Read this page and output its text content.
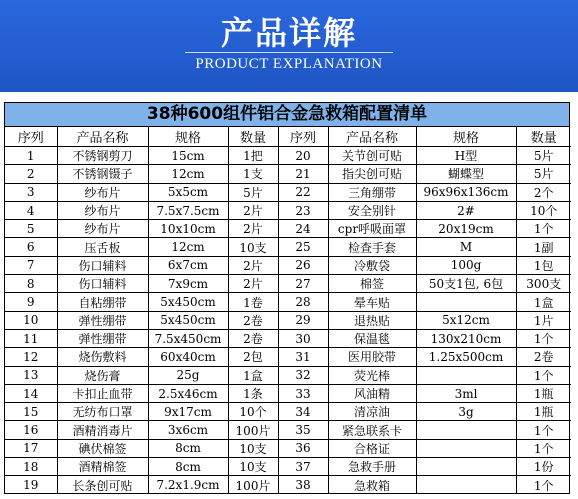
产品详解
PRODUCT EXPLANATION
38种600组件铝合金急救箱配置清单
序列	产品名称	规格	数量	序列	产品名称	规格	数量
1	不锈钢剪刀	15cm	1把	20	关节创可贴	H型	5片
2	不锈钢镊子	12cm	1支	21	指尖创可贴	蝴蝶型	5片
3	纱布片	5x5cm	5片	22	三角绷带	96x96x136cm	2个
4	纱布片	7.5x7.5cm	2片	23	安全别针	2#	10个
5	纱布片	10x10cm	2片	24	cpr呼吸面罩	20x19cm	1个
6	压舌板	12cm	10支	25	检查手套	M	1副
7	伤口辅料	6x7cm	2片	26	冷敷袋	100g	1包
8	伤口辅料	7x9cm	2片	27	棉签	50支1包, 6包	300支
9	自粘绷带	5x450cm	1卷	28	晕车贴		1盒
10	弹性绷带	5x450cm	2卷	29	退热贴	5x12cm	1片
11	弹性绷带	7.5x450cm	2卷	30	保温毯	130x210cm	1个
12	烧伤敷料	60x40cm	2包	31	医用胶带	1.25x500cm	2卷
13	烧伤膏	25g	1盒	32	荧光棒		1个
14	卡扣止血带	2.5x46cm	1条	33	风油精	3ml	1瓶
15	无纺布口罩	9x17cm	10个	34	清凉油	3g	1瓶
16	酒精消毒片	3x6cm	100片	35	紧急联系卡		1个
17	碘伏棉签	8cm	10支	36	合格证		1个
18	酒精棉签	8cm	10支	37	急救手册		1份
19	长条创可贴	7.2x1.9cm	100片	38	急救箱		1个
